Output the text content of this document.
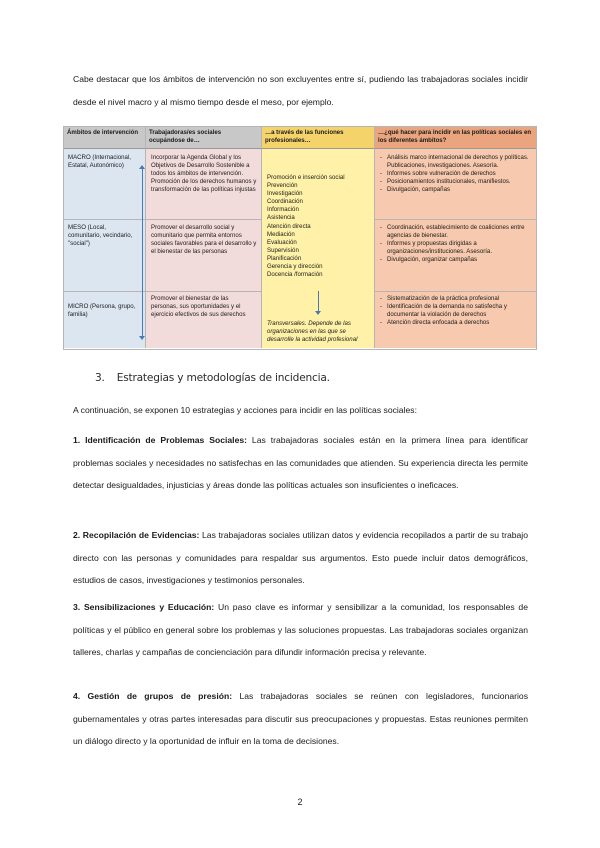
Cabe destacar que los ámbitos de intervención no son excluyentes entre sí, pudiendo las trabajadoras sociales incidir desde el nivel macro y al mismo tiempo desde el meso, por ejemplo.

Ámbitos de intervención	Trabajadoras/es sociales ocupándose de…
…a través de las funciones profesionales…
…¿qué hacer para incidir en las políticas sociales en los diferentes ámbitos?
MACRO (Internacional, Estatal, Autonómico)
MESO (Local, comunitario, vecindario, "social")
MICRO (Persona, grupo, familia)
Incorporar la Agenda Global y los Objetivos de Desarrollo Sostenible a todos los ámbitos de intervención. Promoción de los derechos humanos y transformación de las políticas injustas
Promover el desarrollo social y comunitario que permita entornos sociales favorables para el desarrollo y el bienestar de las personas
Promover el bienestar de las personas, sus oportunidades y el ejercicio efectivos de sus derechos
Promoción e inserción social
Prevención
Investigación
Coordinación
Información
Asistencia
Atención directa
Mediación
Evaluación
Supervisión
Planificación
Gerencia y dirección
Docencia /formación
Transversales. Depende de las organizaciones en las que se desarrolle la actividad profesional
- Análisis marco internacional de derechos y políticas. Publicaciones, investigaciones. Asesoría.
- Informes sobre vulneración de derechos
- Posicionamientos institucionales, manifiestos.
- Divulgación, campañas
- Coordinación, establecimiento de coaliciones entre agencias de bienestar.
- Informes y propuestas dirigidas a organizaciones/instituciones. Asesoría.
- Divulgación, organizar campañas
- Sistematización de la práctica profesional
- Identificación de la demanda no satisfecha y documentar la violación de derechos
- Atención directa enfocada a derechos
3. Estrategias y metodologías de incidencia.

A continuación, se exponen 10 estrategias y acciones para incidir en las políticas sociales:

1. Identificación de Problemas Sociales: Las trabajadoras sociales están en la primera línea para identificar problemas sociales y necesidades no satisfechas en las comunidades que atienden. Su experiencia directa les permite detectar desigualdades, injusticias y áreas donde las políticas actuales son insuficientes o ineficaces.

2. Recopilación de Evidencias: Las trabajadoras sociales utilizan datos y evidencia recopilados a partir de su trabajo directo con las personas y comunidades para respaldar sus argumentos. Esto puede incluir datos demográficos, estudios de casos, investigaciones y testimonios personales.

3. Sensibilizaciones y Educación: Un paso clave es informar y sensibilizar a la comunidad, los responsables de políticas y el público en general sobre los problemas y las soluciones propuestas. Las trabajadoras sociales organizan talleres, charlas y campañas de concienciación para difundir información precisa y relevante.

4. Gestión de grupos de presión: Las trabajadoras sociales se reúnen con legisladores, funcionarios gubernamentales y otras partes interesadas para discutir sus preocupaciones y propuestas. Estas reuniones permiten un diálogo directo y la oportunidad de influir en la toma de decisiones.

2
